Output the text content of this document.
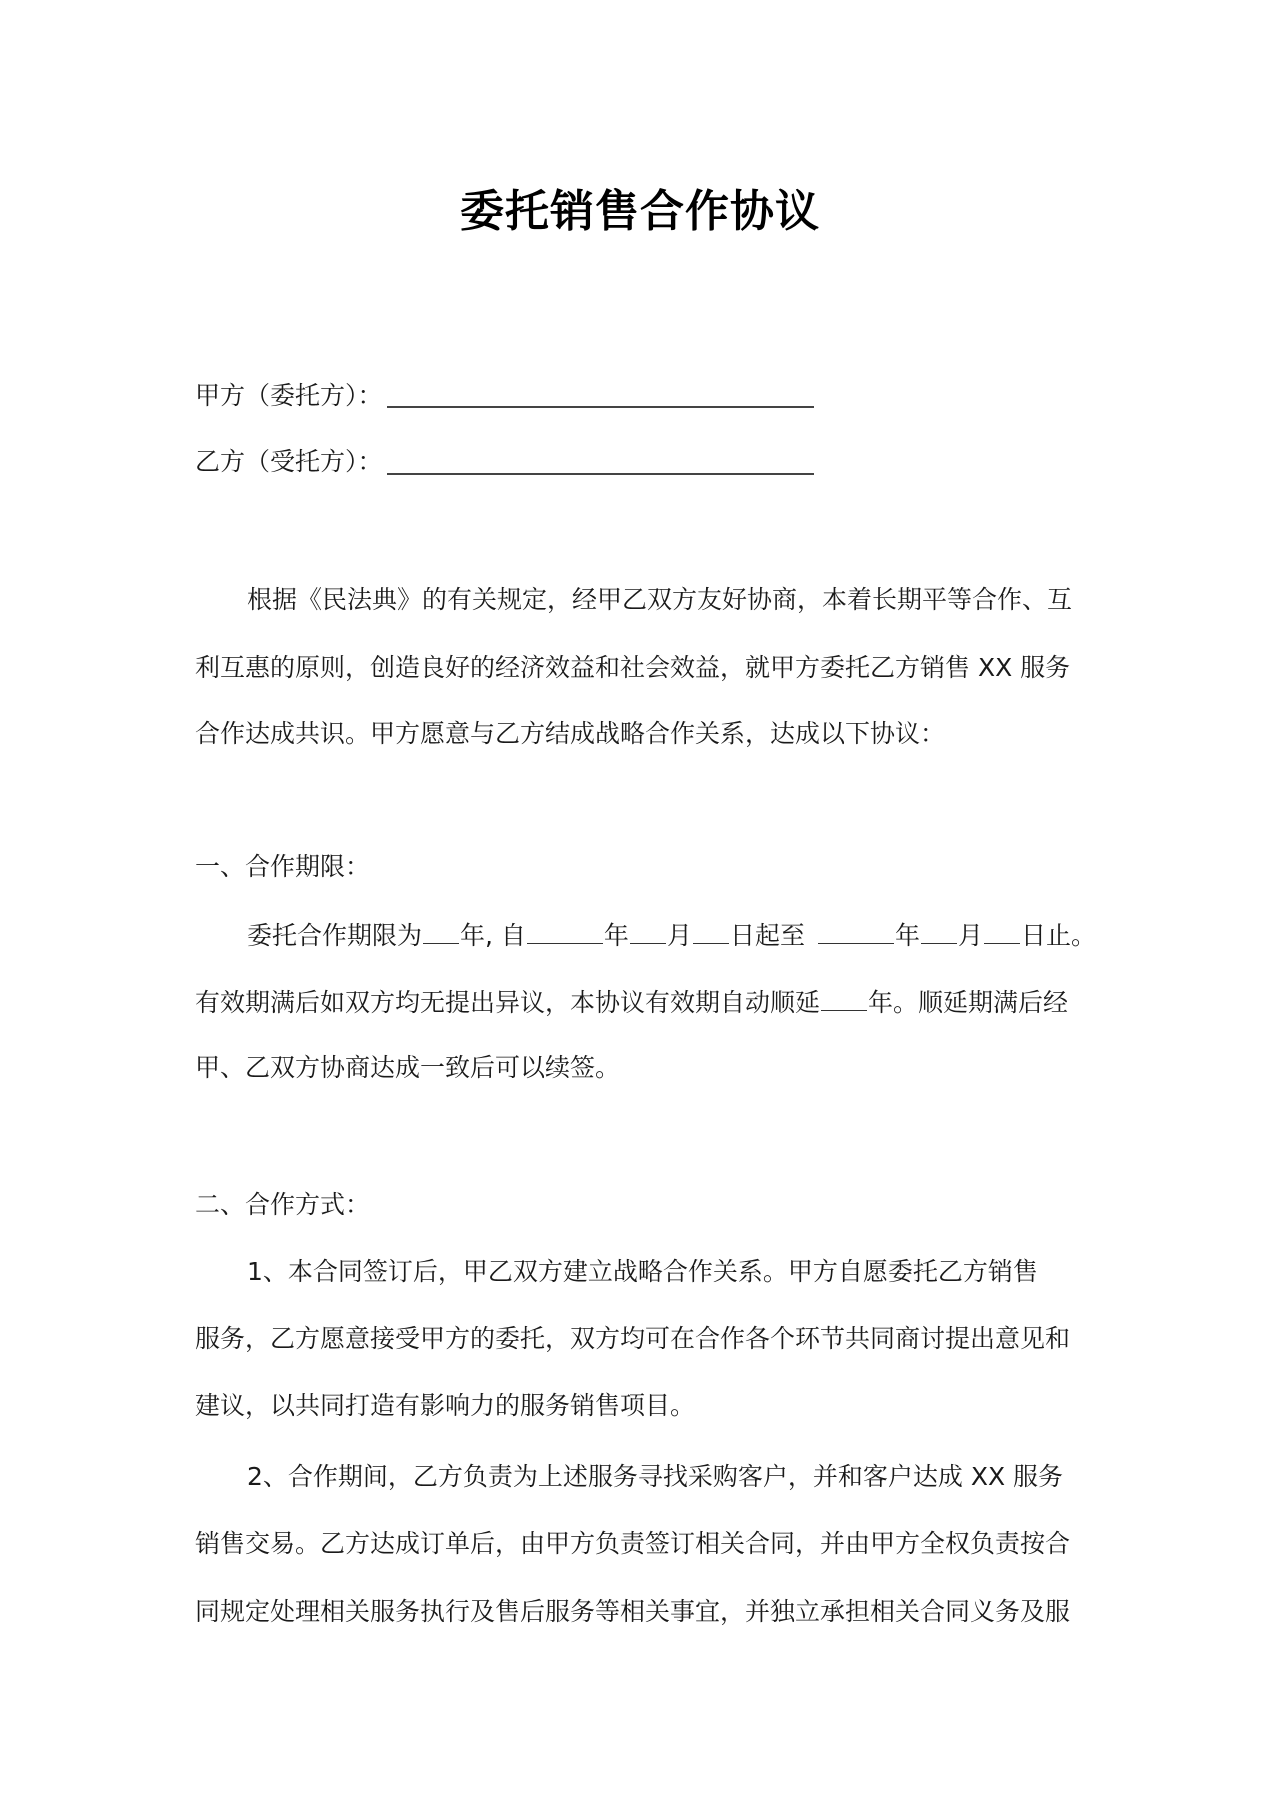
委托销售合作协议
甲方（委托方）：
乙方（受托方）：
根据《民法典》的有关规定，经甲乙双方友好协商，本着长期平等合作、互
利互惠的原则，创造良好的经济效益和社会效益，就甲方委托乙方销售 XX 服务
合作达成共识。甲方愿意与乙方结成战略合作关系，达成以下协议：
一、合作期限：
委托合作期限为 年, 自	年 月 日起至	年 月 日止。
有效期满后如双方均无提出异议，本协议有效期自动顺延 年。顺延期满后经
甲、乙双方协商达成一致后可以续签。
二、合作方式：
1、本合同签订后，甲乙双方建立战略合作关系。甲方自愿委托乙方销售
服务，乙方愿意接受甲方的委托，双方均可在合作各个环节共同商讨提出意见和
建议，以共同打造有影响力的服务销售项目。
2、合作期间，乙方负责为上述服务寻找采购客户，并和客户达成 XX 服务
销售交易。乙方达成订单后，由甲方负责签订相关合同，并由甲方全权负责按合
同规定处理相关服务执行及售后服务等相关事宜，并独立承担相关合同义务及服
